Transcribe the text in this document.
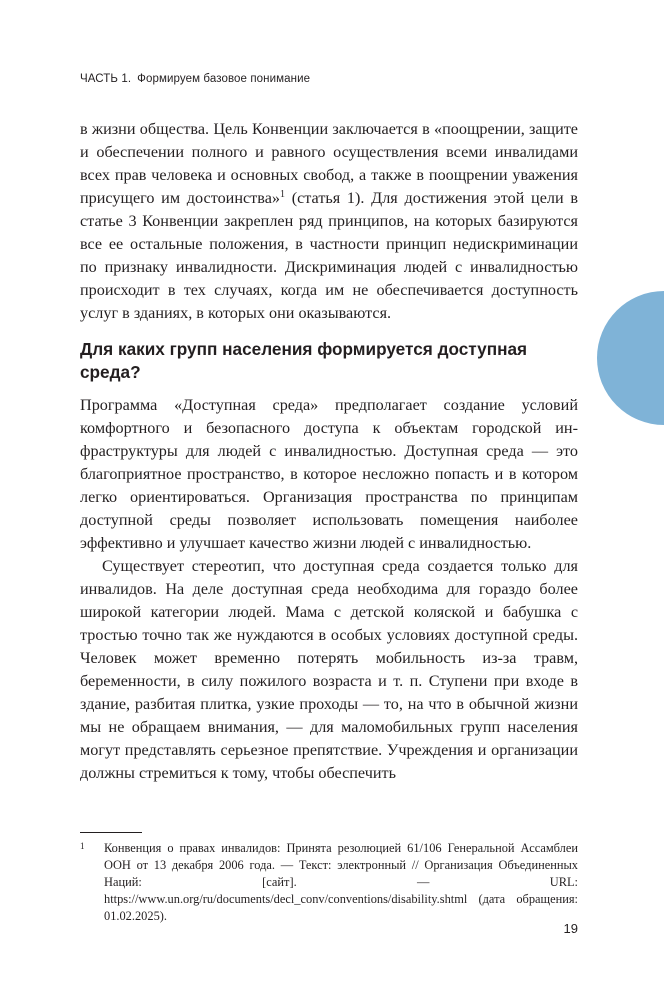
ЧАСТЬ 1. Формируем базовое понимание

в жизни общества. Цель Конвенции заключается в «поощрении, защите и обеспечении полного и равного осуществления всеми инвалидами всех прав человека и основных свобод, а также в поощрении уважения присущего им достоинства»$^1$ (статья 1). Для достижения этой цели в статье 3 Конвенции закреплен ряд принципов, на которых базируются все ее остальные положения, в частности принцип недискриминации по признаку инвалидности. Дискриминация людей с инвалидностью происходит в тех случаях, когда им не обеспечивается доступность услуг в зданиях, в которых они оказываются.

Для каких групп населения формируется доступная среда?

Программа «Доступная среда» предполагает создание условий комфортного и безопасного доступа к объектам городской инфраструктуры для людей с инвалидностью. Доступная среда — это благоприятное пространство, в которое несложно попасть и в котором легко ориентироваться. Организация пространства по принципам доступной среды позволяет использовать помещения наиболее эффективно и улучшает качество жизни людей с инвалидностью.

Существует стереотип, что доступная среда создается только для инвалидов. На деле доступная среда необходима для гораздо более широкой категории людей. Мама с детской коляской и бабушка с тростью точно так же нуждаются в особых условиях доступной среды. Человек может временно потерять мобильность из-за травм, беременности, в силу пожилого возраста и т. п. Ступени при входе в здание, разбитая плитка, узкие проходы — то, на что в обычной жизни мы не обращаем внимания, — для маломобильных групп населения могут представлять серьезное препятствие. Учреждения и организации должны стремиться к тому, чтобы обеспечить

1 Конвенция о правах инвалидов: Принята резолюцией 61/106 Генеральной Ассамблеи ООН от 13 декабря 2006 года. — Текст: электронный // Организация Объединенных Наций: [сайт]. — URL: https://www.un.org/ru/documents/decl_conv/conventions/disability.shtml (дата обращения: 01.02.2025).
19
